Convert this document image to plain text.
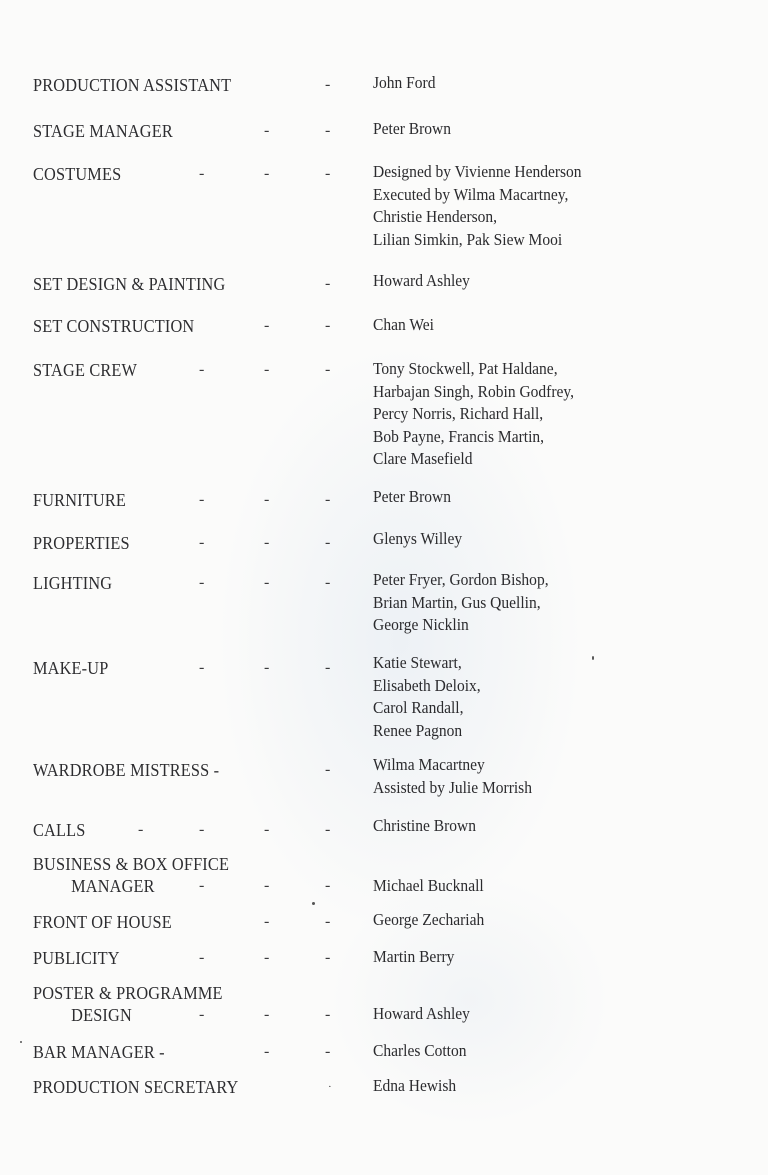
PRODUCTION ASSISTANT	-	John Ford
STAGE MANAGER	-	-	Peter Brown
COSTUMES	-	-	-	Designed by Vivienne Henderson
Executed by Wilma Macartney,
Christie Henderson,
Lilian Simkin, Pak Siew Mooi
SET DESIGN & PAINTING	-	Howard Ashley
SET CONSTRUCTION	-	-	Chan Wei
STAGE CREW	-	-	-	Tony Stockwell, Pat Haldane,
Harbajan Singh, Robin Godfrey,
Percy Norris, Richard Hall,
Bob Payne, Francis Martin,
Clare Masefield
FURNITURE	-	-	-	Peter Brown
PROPERTIES	-	-	-	Glenys Willey
LIGHTING	-	-	-	Peter Fryer, Gordon Bishop,
Brian Martin, Gus Quellin,
George Nicklin
MAKE-UP	-	-	-	Katie Stewart,
Elisabeth Deloix,
Carol Randall,
Renee Pagnon
WARDROBE MISTRESS -	-	Wilma Macartney
Assisted by Julie Morrish
CALLS	-	-	-	-	Christine Brown
BUSINESS & BOX OFFICE
MANAGER	-	-	-	Michael Bucknall
FRONT OF HOUSE	-	-	George Zechariah
PUBLICITY	-	-	-	Martin Berry
POSTER & PROGRAMME
DESIGN	-	-	-	Howard Ashley
BAR MANAGER -	-	-	Charles Cotton
PRODUCTION SECRETARY	·	Edna Hewish
